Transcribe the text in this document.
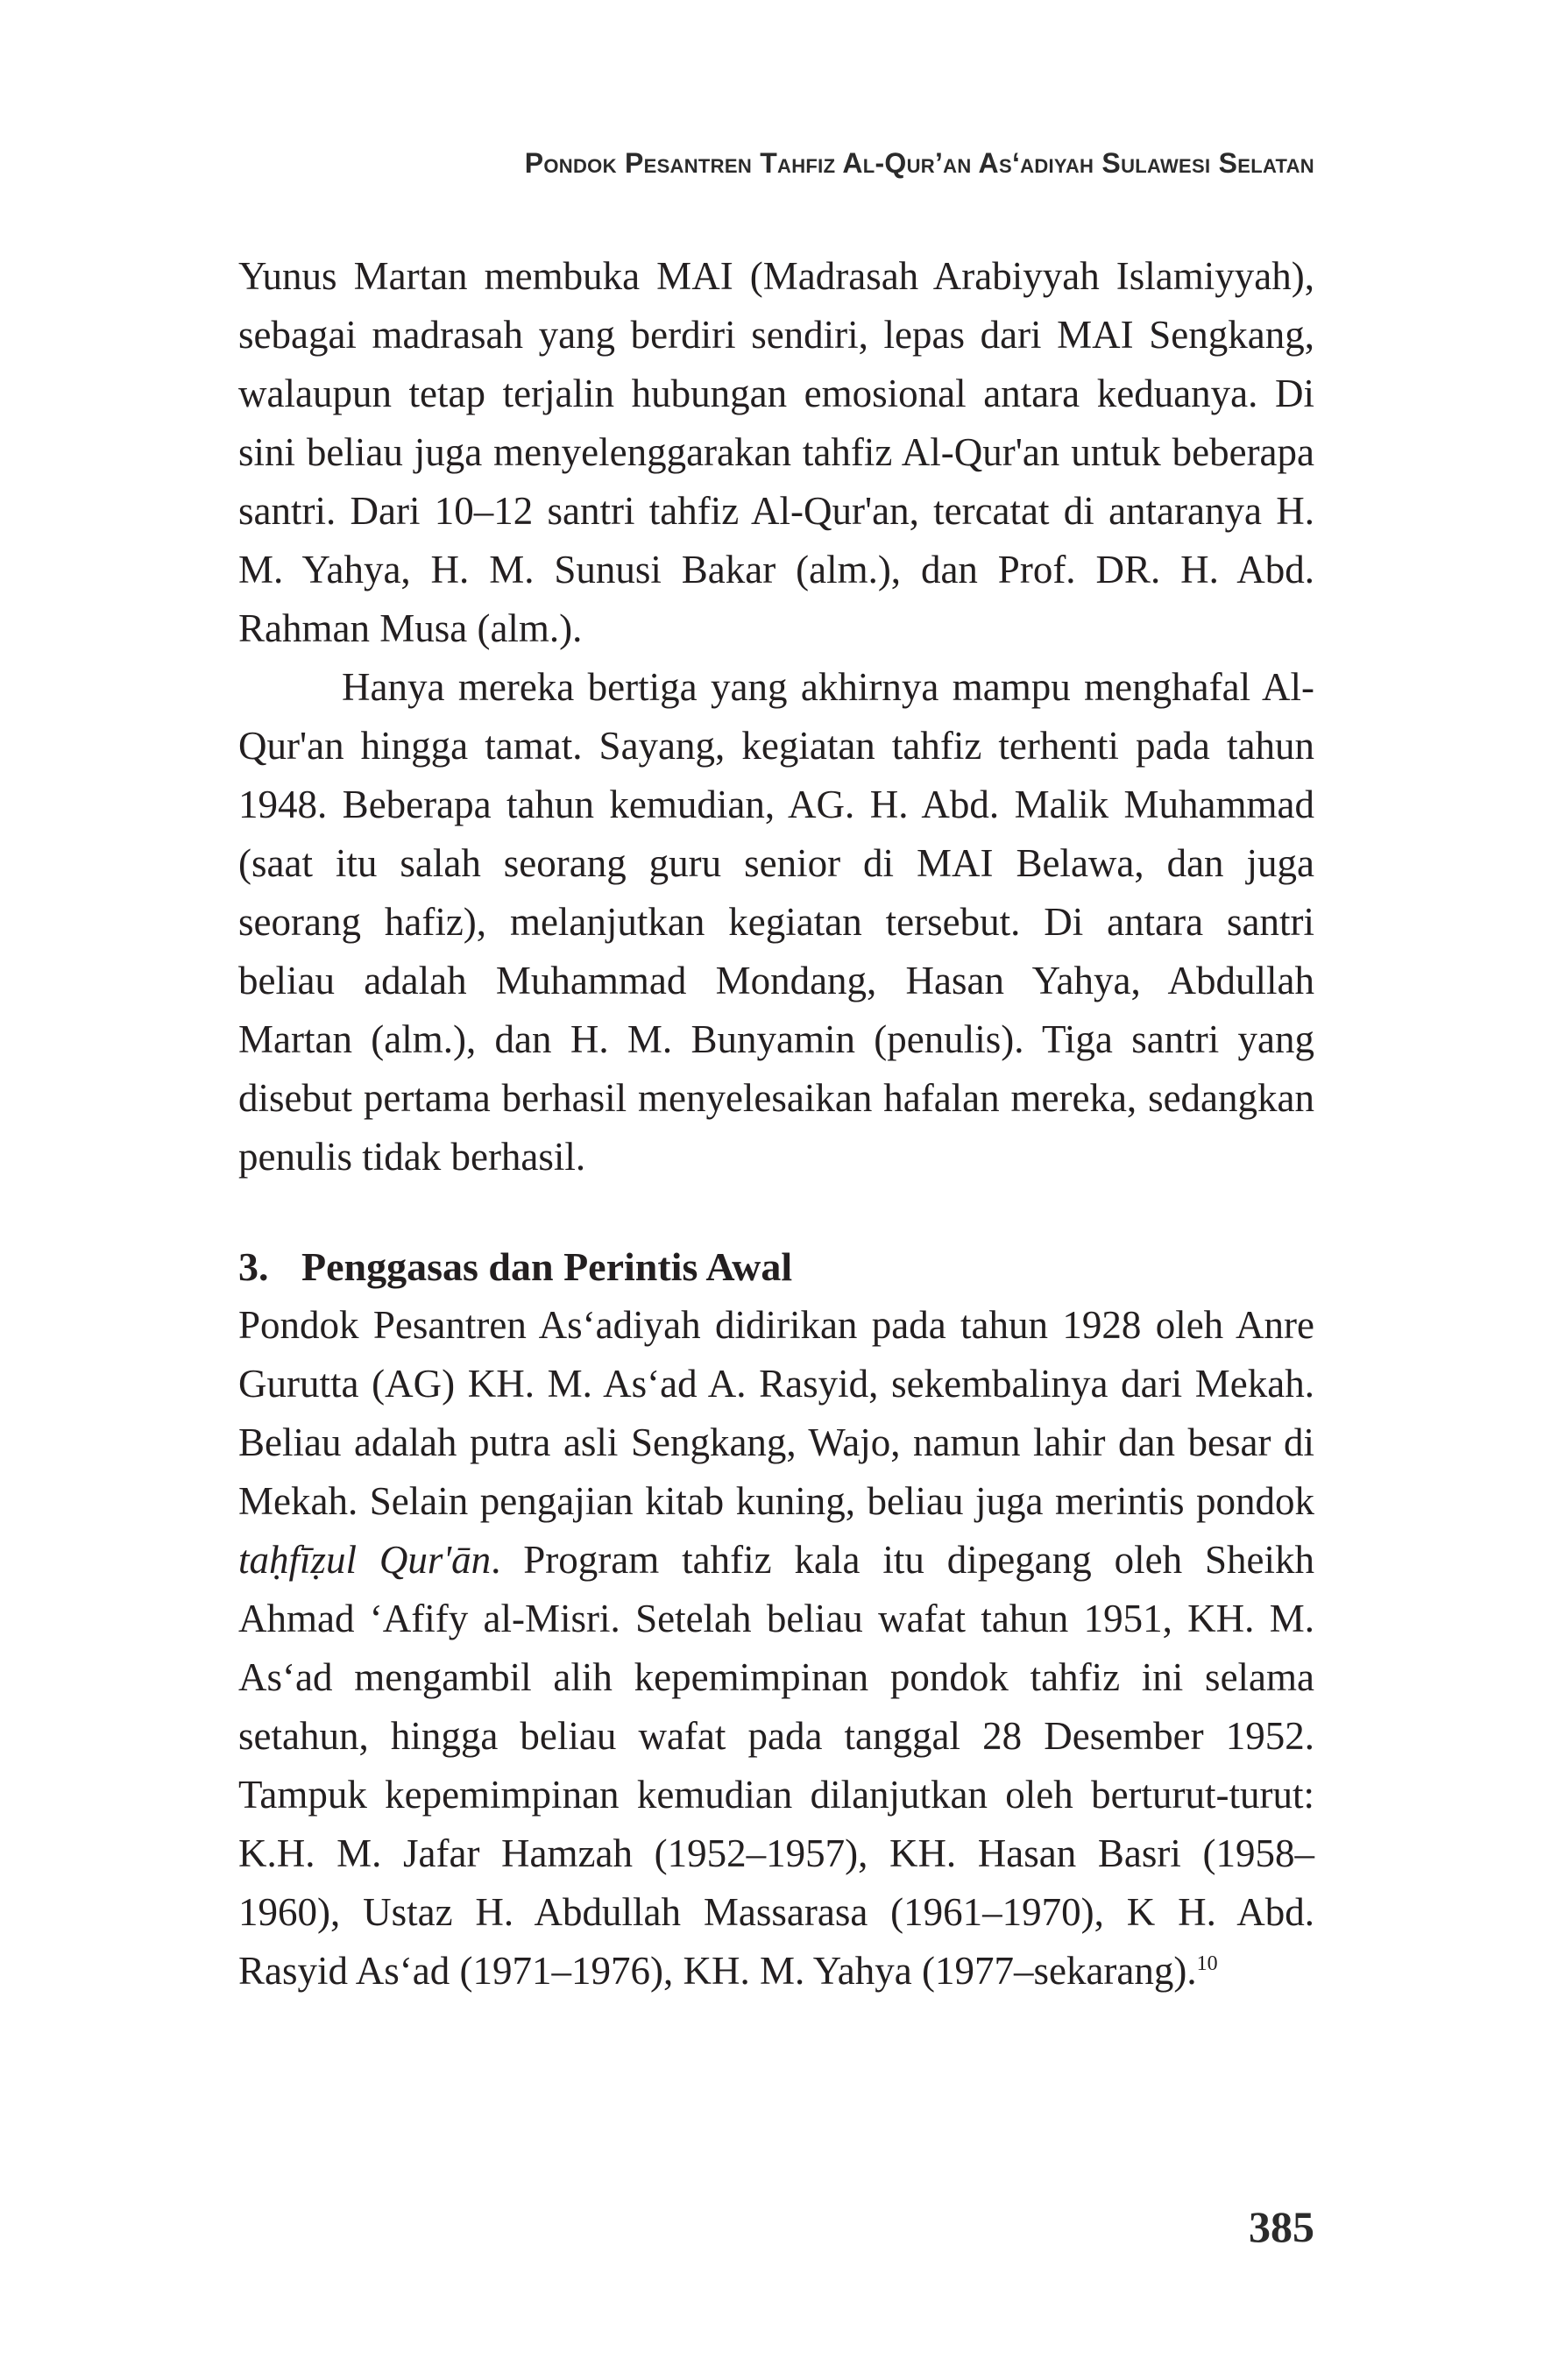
Pondok Pesantren Tahfiz Al-Qur’an As‘adiyah Sulawesi Selatan

Yunus Martan membuka MAI (Madrasah Arabiyyah Islamiyyah), sebagai madrasah yang berdiri sendiri, lepas dari MAI Sengkang, walaupun tetap terjalin hubungan emosional antara keduanya. Di sini beliau juga menyelenggarakan tahfiz Al-Qur'an untuk beberapa santri. Dari 10–12 santri tahfiz Al-Qur'an, tercatat di antaranya H. M. Yahya, H. M. Sunusi Bakar (alm.), dan Prof. DR. H. Abd. Rahman Musa (alm.).

Hanya mereka bertiga yang akhirnya mampu menghafal Al-Qur'an hingga tamat. Sayang, kegiatan tahfiz terhenti pada tahun 1948. Beberapa tahun kemudian, AG. H. Abd. Malik Muhammad (saat itu salah seorang guru senior di MAI Belawa, dan juga seorang hafiz), melanjutkan kegiatan tersebut. Di antara santri beliau adalah Muhammad Mondang, Hasan Yahya, Abdullah Martan (alm.), dan H. M. Bunyamin (penulis). Tiga santri yang disebut pertama berhasil menyelesaikan hafalan mereka, sedangkan penulis tidak berhasil.

3. Penggasas dan Perintis Awal

Pondok Pesantren As‘adiyah didirikan pada tahun 1928 oleh Anre Gurutta (AG) KH. M. As‘ad A. Rasyid, sekembalinya dari Mekah. Beliau adalah putra asli Sengkang, Wajo, namun lahir dan besar di Mekah. Selain pengajian kitab kuning, beliau juga merintis pondok taḥfīẓul Qur'ān. Program tahfiz kala itu dipegang oleh Sheikh Ahmad ‘Afify al-Misri. Setelah beliau wafat tahun 1951, KH. M. As‘ad mengambil alih kepemimpinan pondok tahfiz ini selama setahun, hingga beliau wafat pada tanggal 28 Desember 1952. Tampuk kepemimpinan kemudian dilanjutkan oleh berturut-turut: K.H. M. Jafar Hamzah (1952–1957), KH. Hasan Basri (1958–1960), Ustaz H. Abdullah Massarasa (1961–1970), K H. Abd. Rasyid As‘ad (1971–1976), KH. M. Yahya (1977–sekarang).$^{10}$

385
